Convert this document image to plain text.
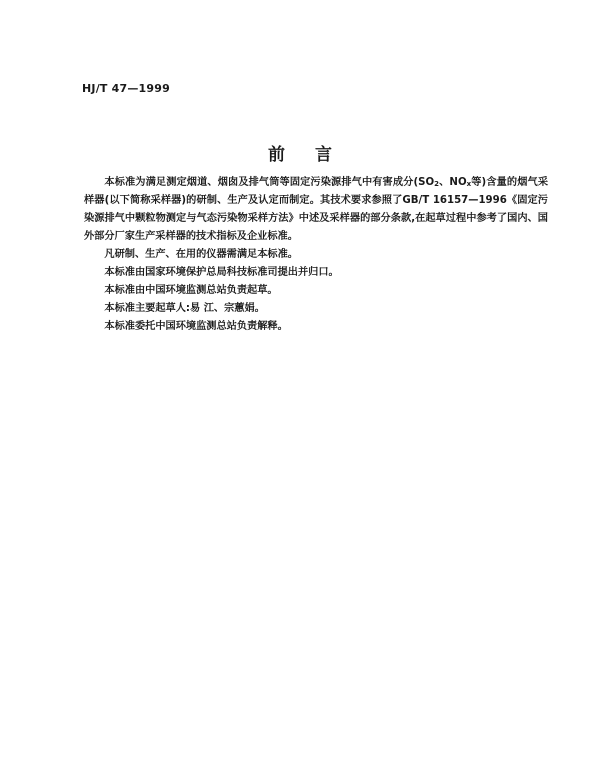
HJ/T 47—1999
前言

本标准为满足测定烟道、烟囱及排气筒等固定污染源排气中有害成分($SO_2$、$NO_x$等)含量的烟气采样器(以下简称采样器)的研制、生产及认定而制定。其技术要求参照了GB/T 16157—1996《固定污染源排气中颗粒物测定与气态污染物采样方法》中述及采样器的部分条款,在起草过程中参考了国内、国外部分厂家生产采样器的技术指标及企业标准。

凡研制、生产、在用的仪器需满足本标准。

本标准由国家环境保护总局科技标准司提出并归口。

本标准由中国环境监测总站负责起草。

本标准主要起草人:易 江、宗蕙娟。

本标准委托中国环境监测总站负责解释。
